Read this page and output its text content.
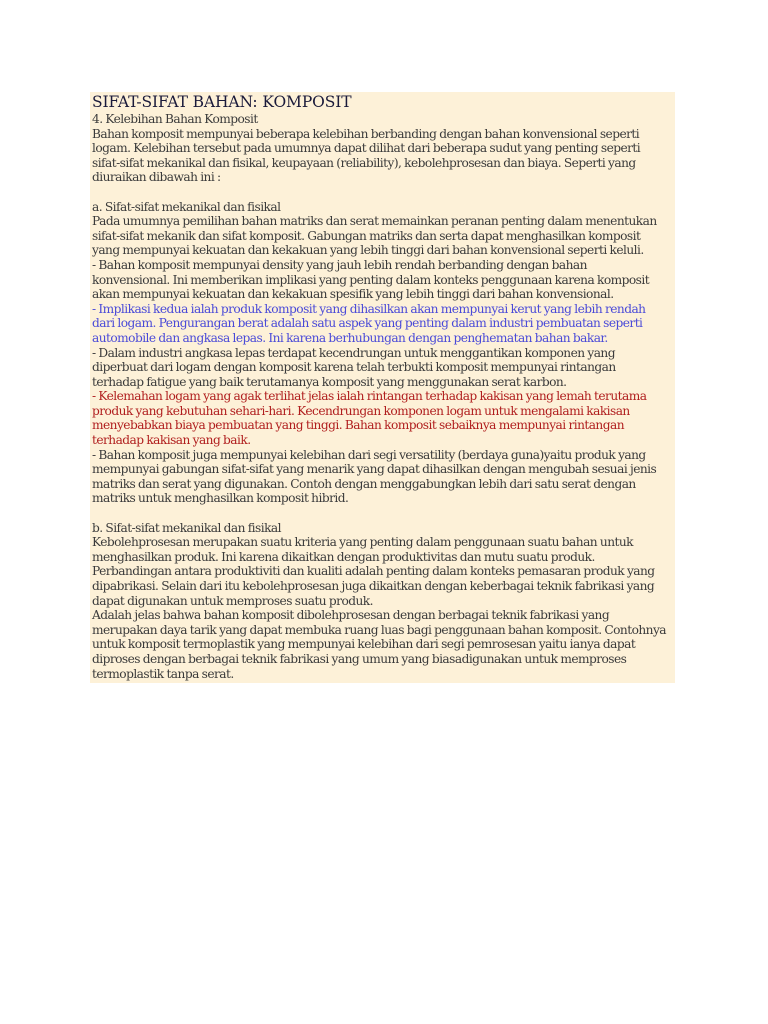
SIFAT-SIFAT BAHAN: KOMPOSIT
4. Kelebihan Bahan Komposit
Bahan komposit mempunyai beberapa kelebihan berbanding dengan bahan konvensional seperti
logam. Kelebihan tersebut pada umumnya dapat dilihat dari beberapa sudut yang penting seperti
sifat-sifat mekanikal dan fisikal, keupayaan (reliability), kebolehprosesan dan biaya. Seperti yang
diuraikan dibawah ini :
a. Sifat-sifat mekanikal dan fisikal
Pada umumnya pemilihan bahan matriks dan serat memainkan peranan penting dalam menentukan
sifat-sifat mekanik dan sifat komposit. Gabungan matriks dan serta dapat menghasilkan komposit
yang mempunyai kekuatan dan kekakuan yang lebih tinggi dari bahan konvensional seperti keluli.
- Bahan komposit mempunyai density yang jauh lebih rendah berbanding dengan bahan
konvensional. Ini memberikan implikasi yang penting dalam konteks penggunaan karena komposit
akan mempunyai kekuatan dan kekakuan spesifik yang lebih tinggi dari bahan konvensional.
- Implikasi kedua ialah produk komposit yang dihasilkan akan mempunyai kerut yang lebih rendah
dari logam. Pengurangan berat adalah satu aspek yang penting dalam industri pembuatan seperti
automobile dan angkasa lepas. Ini karena berhubungan dengan penghematan bahan bakar.
- Dalam industri angkasa lepas terdapat kecendrungan untuk menggantikan komponen yang
diperbuat dari logam dengan komposit karena telah terbukti komposit mempunyai rintangan
terhadap fatigue yang baik terutamanya komposit yang menggunakan serat karbon.
- Kelemahan logam yang agak terlihat jelas ialah rintangan terhadap kakisan yang lemah terutama
produk yang kebutuhan sehari-hari. Kecendrungan komponen logam untuk mengalami kakisan
menyebabkan biaya pembuatan yang tinggi. Bahan komposit sebaiknya mempunyai rintangan
terhadap kakisan yang baik.
- Bahan komposit juga mempunyai kelebihan dari segi versatility (berdaya guna)yaitu produk yang
mempunyai gabungan sifat-sifat yang menarik yang dapat dihasilkan dengan mengubah sesuai jenis
matriks dan serat yang digunakan. Contoh dengan menggabungkan lebih dari satu serat dengan
matriks untuk menghasilkan komposit hibrid.
b. Sifat-sifat mekanikal dan fisikal
Kebolehprosesan merupakan suatu kriteria yang penting dalam penggunaan suatu bahan untuk
menghasilkan produk. Ini karena dikaitkan dengan produktivitas dan mutu suatu produk.
Perbandingan antara produktiviti dan kualiti adalah penting dalam konteks pemasaran produk yang
dipabrikasi. Selain dari itu kebolehprosesan juga dikaitkan dengan keberbagai teknik fabrikasi yang
dapat digunakan untuk memproses suatu produk.
Adalah jelas bahwa bahan komposit dibolehprosesan dengan berbagai teknik fabrikasi yang
merupakan daya tarik yang dapat membuka ruang luas bagi penggunaan bahan komposit. Contohnya
untuk komposit termoplastik yang mempunyai kelebihan dari segi pemrosesan yaitu ianya dapat
diproses dengan berbagai teknik fabrikasi yang umum yang biasadigunakan untuk memproses
termoplastik tanpa serat.
